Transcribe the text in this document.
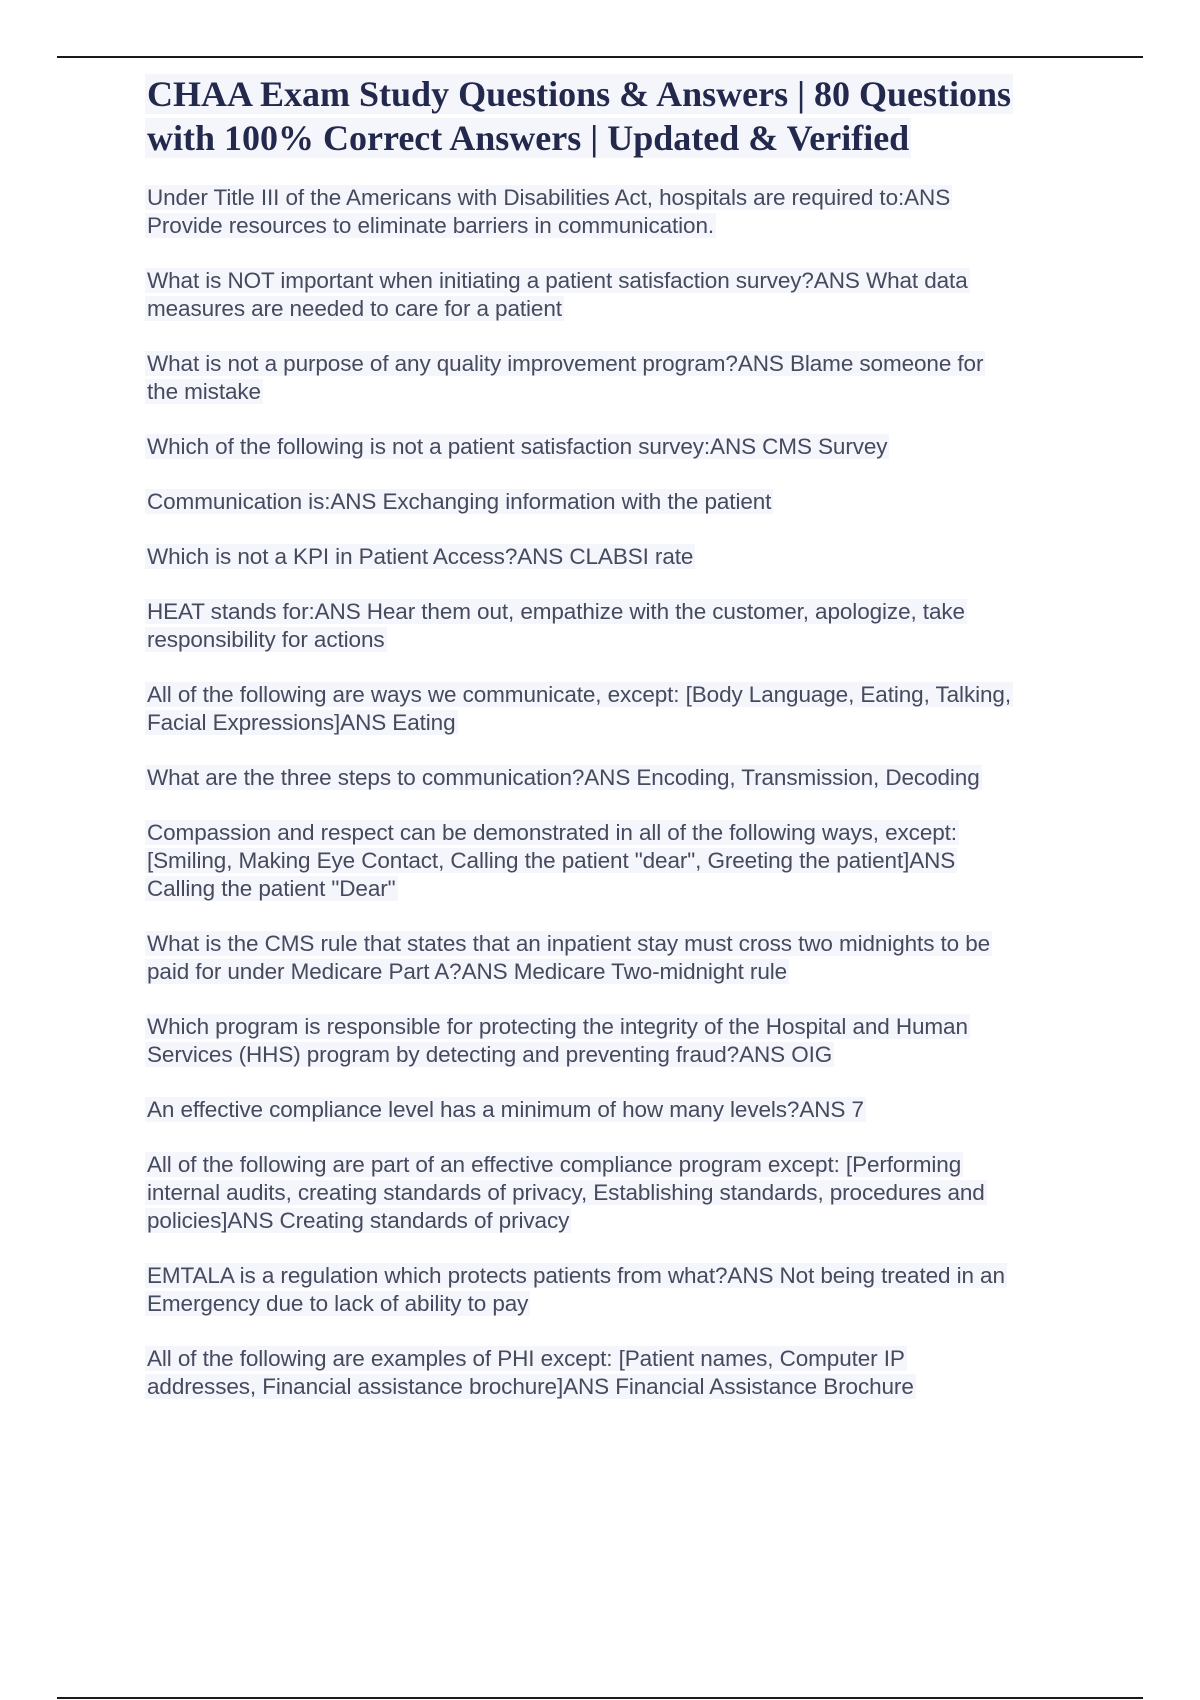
CHAA Exam Study Questions & Answers | 80 Questions
with 100% Correct Answers | Updated & Verified
Under Title III of the Americans with Disabilities Act, hospitals are required to:ANS
Provide resources to eliminate barriers in communication.
What is NOT important when initiating a patient satisfaction survey?ANS What data
measures are needed to care for a patient
What is not a purpose of any quality improvement program?ANS Blame someone for
the mistake
Which of the following is not a patient satisfaction survey:ANS CMS Survey
Communication is:ANS Exchanging information with the patient
Which is not a KPI in Patient Access?ANS CLABSI rate
HEAT stands for:ANS Hear them out, empathize with the customer, apologize, take
responsibility for actions
All of the following are ways we communicate, except: [Body Language, Eating, Talking,
Facial Expressions]ANS Eating
What are the three steps to communication?ANS Encoding, Transmission, Decoding
Compassion and respect can be demonstrated in all of the following ways, except:
[Smiling, Making Eye Contact, Calling the patient "dear", Greeting the patient]ANS
Calling the patient "Dear"
What is the CMS rule that states that an inpatient stay must cross two midnights to be
paid for under Medicare Part A?ANS Medicare Two-midnight rule
Which program is responsible for protecting the integrity of the Hospital and Human
Services (HHS) program by detecting and preventing fraud?ANS OIG
An effective compliance level has a minimum of how many levels?ANS 7
All of the following are part of an effective compliance program except: [Performing
internal audits, creating standards of privacy, Establishing standards, procedures and
policies]ANS Creating standards of privacy
EMTALA is a regulation which protects patients from what?ANS Not being treated in an
Emergency due to lack of ability to pay
All of the following are examples of PHI except: [Patient names, Computer IP
addresses, Financial assistance brochure]ANS Financial Assistance Brochure
